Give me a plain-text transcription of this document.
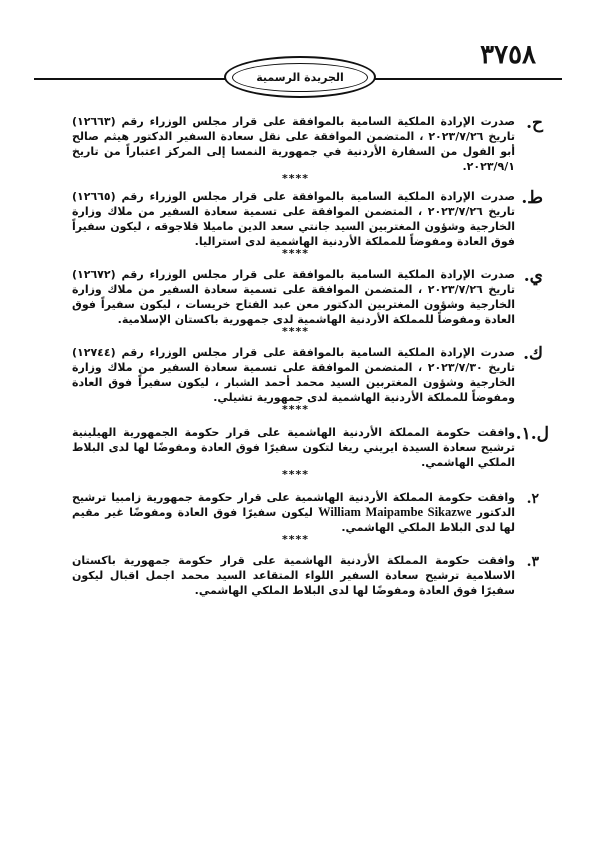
٣٧٥٨
الجريدة الرسمية
ح.
صدرت الإرادة الملكية السامية بالموافقة على قرار مجلس الوزراء رقم (١٢٦٦٣) تاريخ ٢٠٢٣/٧/٢٦ ، المتضمن الموافقة على نقل سعادة السفير الدكتور هيثم صالح أبو الفول من السفارة الأردنية في جمهورية النمسا إلى المركز اعتباراً من تاريخ ٢٠٢٣/٩/١.
****
ط.
صدرت الإرادة الملكية السامية بالموافقة على قرار مجلس الوزراء رقم (١٢٦٦٥) تاريخ ٢٠٢٣/٧/٢٦ ، المتضمن الموافقة على تسمية سعادة السفير من ملاك وزارة الخارجية وشؤون المغتربين السيد جانتي سعد الدين ماميلا قلاجوقه ، ليكون سفيراً فوق العادة ومفوضاً للمملكة الأردنية الهاشمية لدى استراليا.
****
ي.
صدرت الإرادة الملكية السامية بالموافقة على قرار مجلس الوزراء رقم (١٢٦٧٢) تاريخ ٢٠٢٣/٧/٢٦ ، المتضمن الموافقة على تسمية سعادة السفير من ملاك وزارة الخارجية وشؤون المغتربين الدكتور معن عبد الفتاح خريسات ، ليكون سفيراً فوق العادة ومفوضاً للمملكة الأردنية الهاشمية لدى جمهورية باكستان الإسلامية.
****
ك.
صدرت الإرادة الملكية السامية بالموافقة على قرار مجلس الوزراء رقم (١٢٧٤٤) تاريخ ٢٠٢٣/٧/٣٠ ، المتضمن الموافقة على تسمية سعادة السفير من ملاك وزارة الخارجية وشؤون المغتربين السيد محمد أحمد الشبار ، ليكون سفيراً فوق العادة ومفوضاً للمملكة الأردنية الهاشمية لدى جمهورية تشيلي.
****
ل.١.
وافقت حكومة المملكة الأردنية الهاشمية على قرار حكومة الجمهورية الهيلينية ترشيح سعادة السيدة ايريني ريغا لتكون سفيرًا فوق العادة ومفوضًا لها لدى البلاط الملكي الهاشمي.
****
٢.
وافقت حكومة المملكة الأردنية الهاشمية على قرار حكومة جمهورية زامبيا ترشيح الدكتور William Maipambe Sikazwe ليكون سفيرًا فوق العادة ومفوضًا غير مقيم لها لدى البلاط الملكي الهاشمي.
****
٣.
وافقت حكومة المملكة الأردنية الهاشمية على قرار حكومة جمهورية باكستان الاسلامية ترشيح سعادة السفير اللواء المتقاعد السيد محمد اجمل اقبال ليكون سفيرًا فوق العادة ومفوضًا لها لدى البلاط الملكي الهاشمي.
